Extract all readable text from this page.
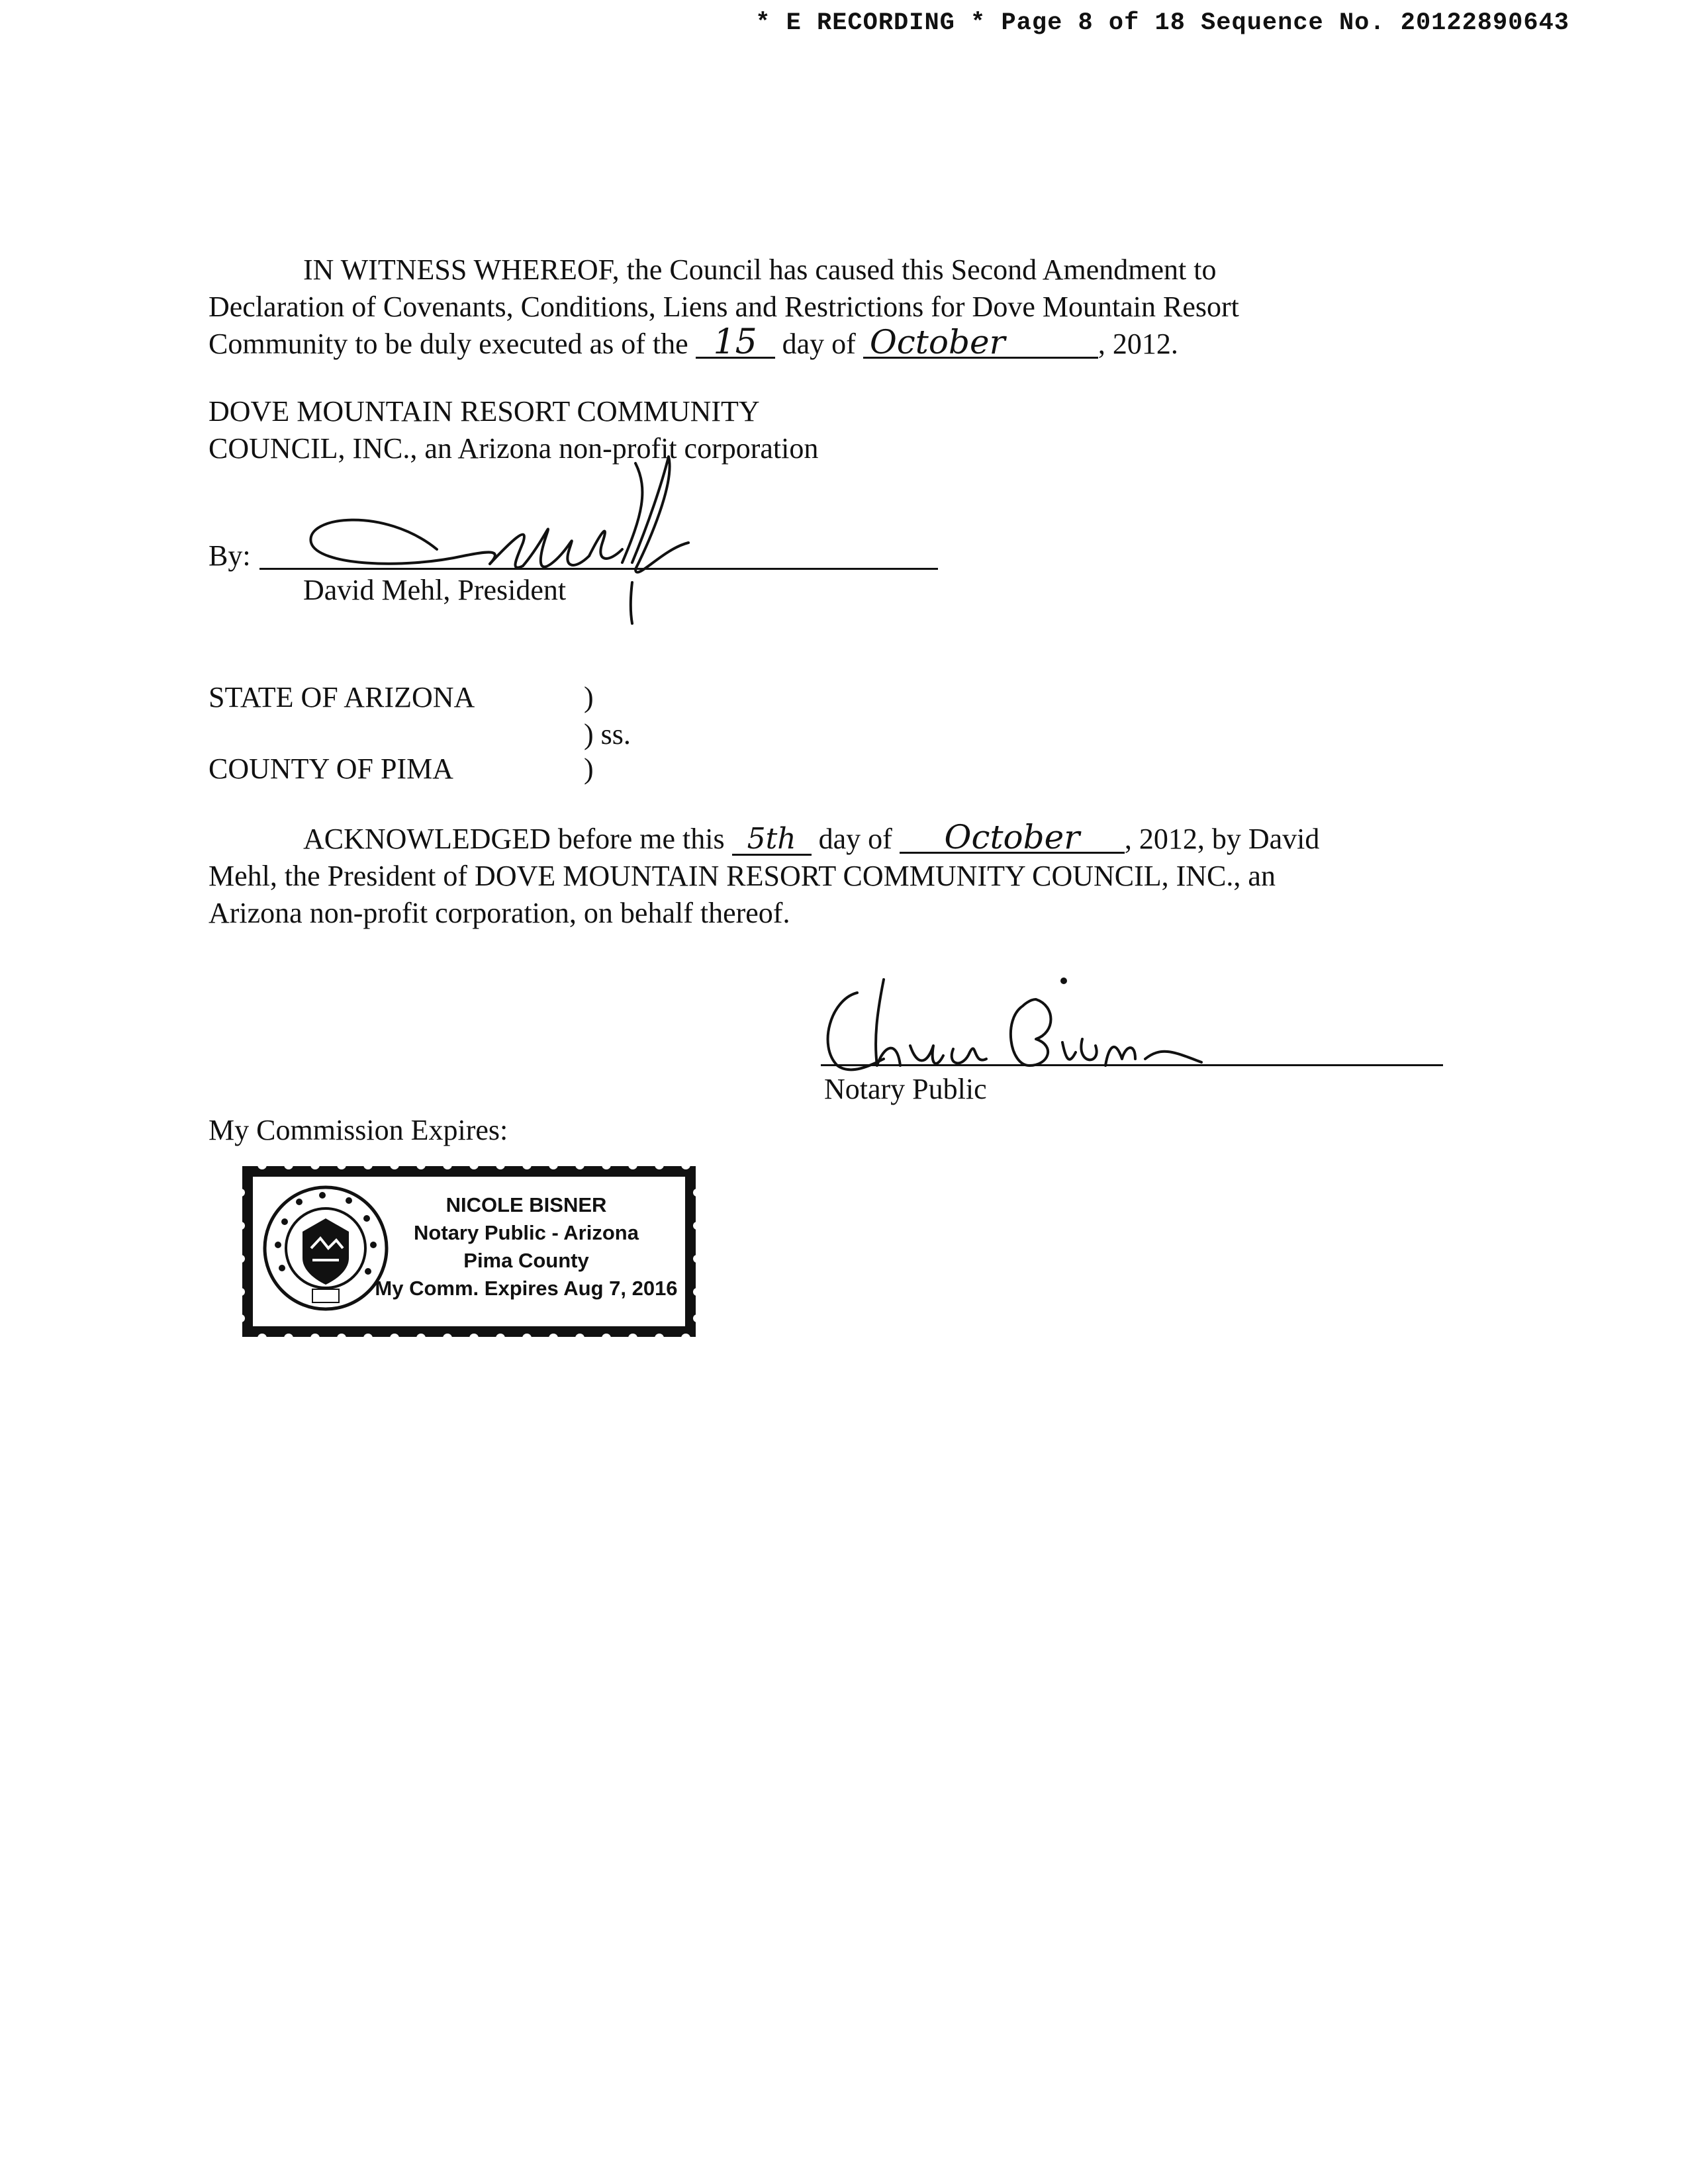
* E RECORDING * Page 8 of 18 Sequence No. 20122890643
IN WITNESS WHEREOF, the Council has caused this Second Amendment to
Declaration of Covenants, Conditions, Liens and Restrictions for Dove Mountain Resort
Community to be duly executed as of the 15 day of October	, 2012.
DOVE MOUNTAIN RESORT COMMUNITY
COUNCIL, INC., an Arizona non-profit corporation
By:
David Mehl, President
STATE OF ARIZONA	)
) ss.
COUNTY OF PIMA	)
ACKNOWLEDGED before me this 5th day of October , 2012, by David
Mehl, the President of DOVE MOUNTAIN RESORT COMMUNITY COUNCIL, INC., an
Arizona non-profit corporation, on behalf thereof.
Notary Public
My Commission Expires:
NICOLE BISNER
Notary Public - Arizona
Pima County
My Comm. Expires Aug 7, 2016
